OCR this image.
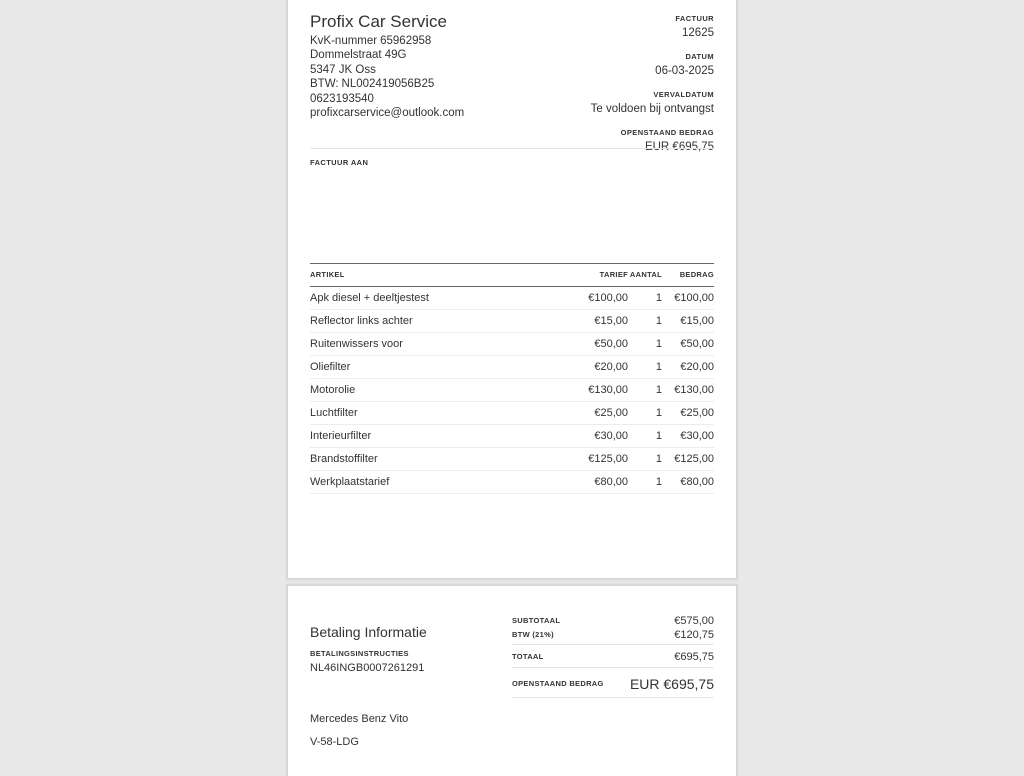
Profix Car Service
KvK-nummer 65962958
Dommelstraat 49G
5347 JK Oss
BTW: NL002419056B25
0623193540
profixcarservice@outlook.com
FACTUUR
12625
DATUM
06-03-2025
VERVALDATUM
Te voldoen bij ontvangst
OPENSTAAND BEDRAG
EUR €695,75
FACTUUR AAN
ARTIKEL	TARIEF AANTAL BEDRAG
Apk diesel + deeltjestest	€100,00	1 €100,00
Reflector links achter	€15,00	1 €15,00
Ruitenwissers voor	€50,00	1 €50,00
Oliefilter	€20,00	1 €20,00
Motorolie	€130,00	1 €130,00
Luchtfilter	€25,00	1 €25,00
Interieurfilter	€30,00	1 €30,00
Brandstoffilter	€125,00	1 €125,00
Werkplaatstarief	€80,00	1 €80,00
Betaling Informatie
BETALINGSINSTRUCTIES
NL46INGB0007261291
Mercedes Benz Vito
V-58-LDG
SUBTOTAAL	€575,00
BTW (21%)	€120,75
TOTAAL	€695,75
OPENSTAAND BEDRAG EUR €695,75
